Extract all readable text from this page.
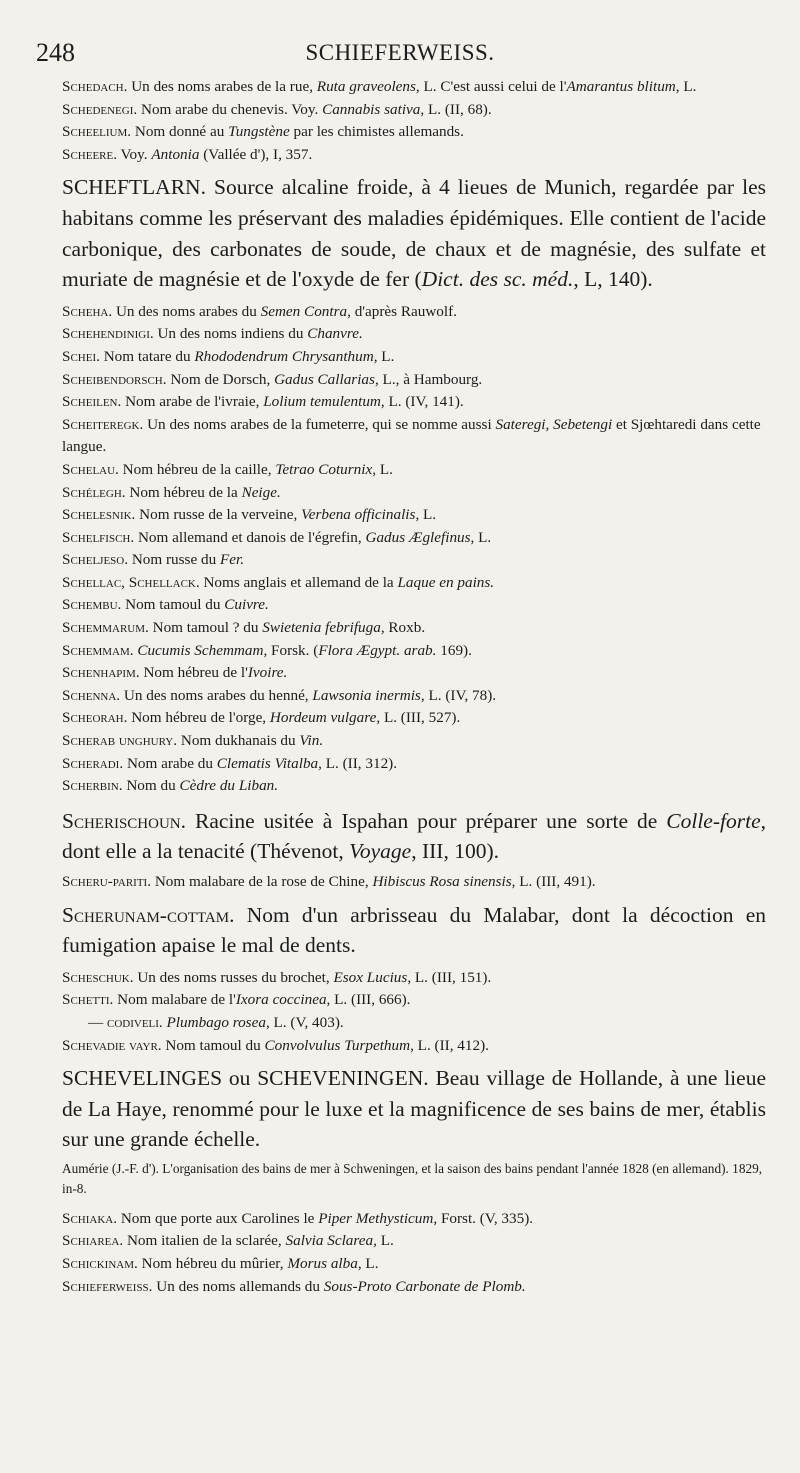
248	SCHIEFERWEISS.

Schedach. Un des noms arabes de la rue, Ruta graveolens, L. C'est aussi celui de l'Amarantus blitum, L.

Schedenegi. Nom arabe du chenevis. Voy. Cannabis sativa, L. (II, 68).

Scheelium. Nom donné au Tungstène par les chimistes allemands.

Scheere. Voy. Antonia (Vallée d'), I, 357.

SCHEFTLARN. Source alcaline froide, à 4 lieues de Munich, regardée par les habitans comme les préservant des maladies épidémiques. Elle contient de l'acide carbonique, des carbonates de soude, de chaux et de magnésie, des sulfate et muriate de magnésie et de l'oxyde de fer (Dict. des sc. méd., L, 140).

Scheha. Un des noms arabes du Semen Contra, d'après Rauwolf.

Schehendinigi. Un des noms indiens du Chanvre.

Schei. Nom tatare du Rhododendrum Chrysanthum, L.

Scheibendorsch. Nom de Dorsch, Gadus Callarias, L., à Hambourg.

Scheilen. Nom arabe de l'ivraie, Lolium temulentum, L. (IV, 141).

Scheiteregk. Un des noms arabes de la fumeterre, qui se nomme aussi Sateregi, Sebetengi et Sjœhtaredi dans cette langue.

Schelau. Nom hébreu de la caille, Tetrao Coturnix, L.

Schélegh. Nom hébreu de la Neige.

Schelesnik. Nom russe de la verveine, Verbena officinalis, L.

Schelfisch. Nom allemand et danois de l'égrefin, Gadus Æglefinus, L.

Scheljeso. Nom russe du Fer.

Schellac, Schellack. Noms anglais et allemand de la Laque en pains.

Schembu. Nom tamoul du Cuivre.

Schemmarum. Nom tamoul ? du Swietenia febrifuga, Roxb.

Schemmam. Cucumis Schemmam, Forsk. (Flora Ægypt. arab. 169).

Schenhapim. Nom hébreu de l'Ivoire.

Schenna. Un des noms arabes du henné, Lawsonia inermis, L. (IV, 78).

Scheorah. Nom hébreu de l'orge, Hordeum vulgare, L. (III, 527).

Scherab unghury. Nom dukhanais du Vin.

Scheradi. Nom arabe du Clematis Vitalba, L. (II, 312).

Scherbin. Nom du Cèdre du Liban.

Scherischoun. Racine usitée à Ispahan pour préparer une sorte de Colle-forte, dont elle a la tenacité (Thévenot, Voyage, III, 100).

Scheru-pariti. Nom malabare de la rose de Chine, Hibiscus Rosa sinensis, L. (III, 491).

Scherunam-cottam. Nom d'un arbrisseau du Malabar, dont la décoction en fumigation apaise le mal de dents.

Scheschuk. Un des noms russes du brochet, Esox Lucius, L. (III, 151).

Schetti. Nom malabare de l'Ixora coccinea, L. (III, 666).

— codiveli. Plumbago rosea, L. (V, 403).

Schevadie vayr. Nom tamoul du Convolvulus Turpethum, L. (II, 412).

SCHEVELINGES ou SCHEVENINGEN. Beau village de Hollande, à une lieue de La Haye, renommé pour le luxe et la magnificence de ses bains de mer, établis sur une grande échelle.

Aumérie (J.-F. d'). L'organisation des bains de mer à Schweningen, et la saison des bains pendant l'année 1828 (en allemand). 1829, in-8.

Schiaka. Nom que porte aux Carolines le Piper Methysticum, Forst. (V, 335).

Schiarea. Nom italien de la sclarée, Salvia Sclarea, L.

Schickinam. Nom hébreu du mûrier, Morus alba, L.

Schieferweiss. Un des noms allemands du Sous-Proto Carbonate de Plomb.
